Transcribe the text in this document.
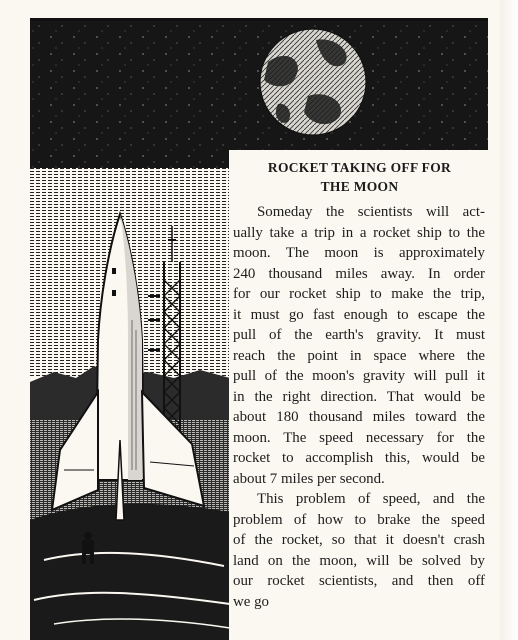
ROCKET TAKING OFF FOR
THE MOON
Someday the scientists will act-
ually take a trip in a rocket ship to the
moon. The moon is approximately
240 thousand miles away. In order
for our rocket ship to make the trip,
it must go fast enough to escape the
pull of the earth's gravity. It must
reach the point in space where the
pull of the moon's gravity will pull it
in the right direction. That would be
about 180 thousand miles toward the
moon. The speed necessary for the
rocket to accomplish this, would be
about 7 miles per second.
This problem of speed, and the
problem of how to brake the speed
of the rocket, so that it doesn't crash
land on the moon, will be solved by
our rocket scientists, and then off
we go
